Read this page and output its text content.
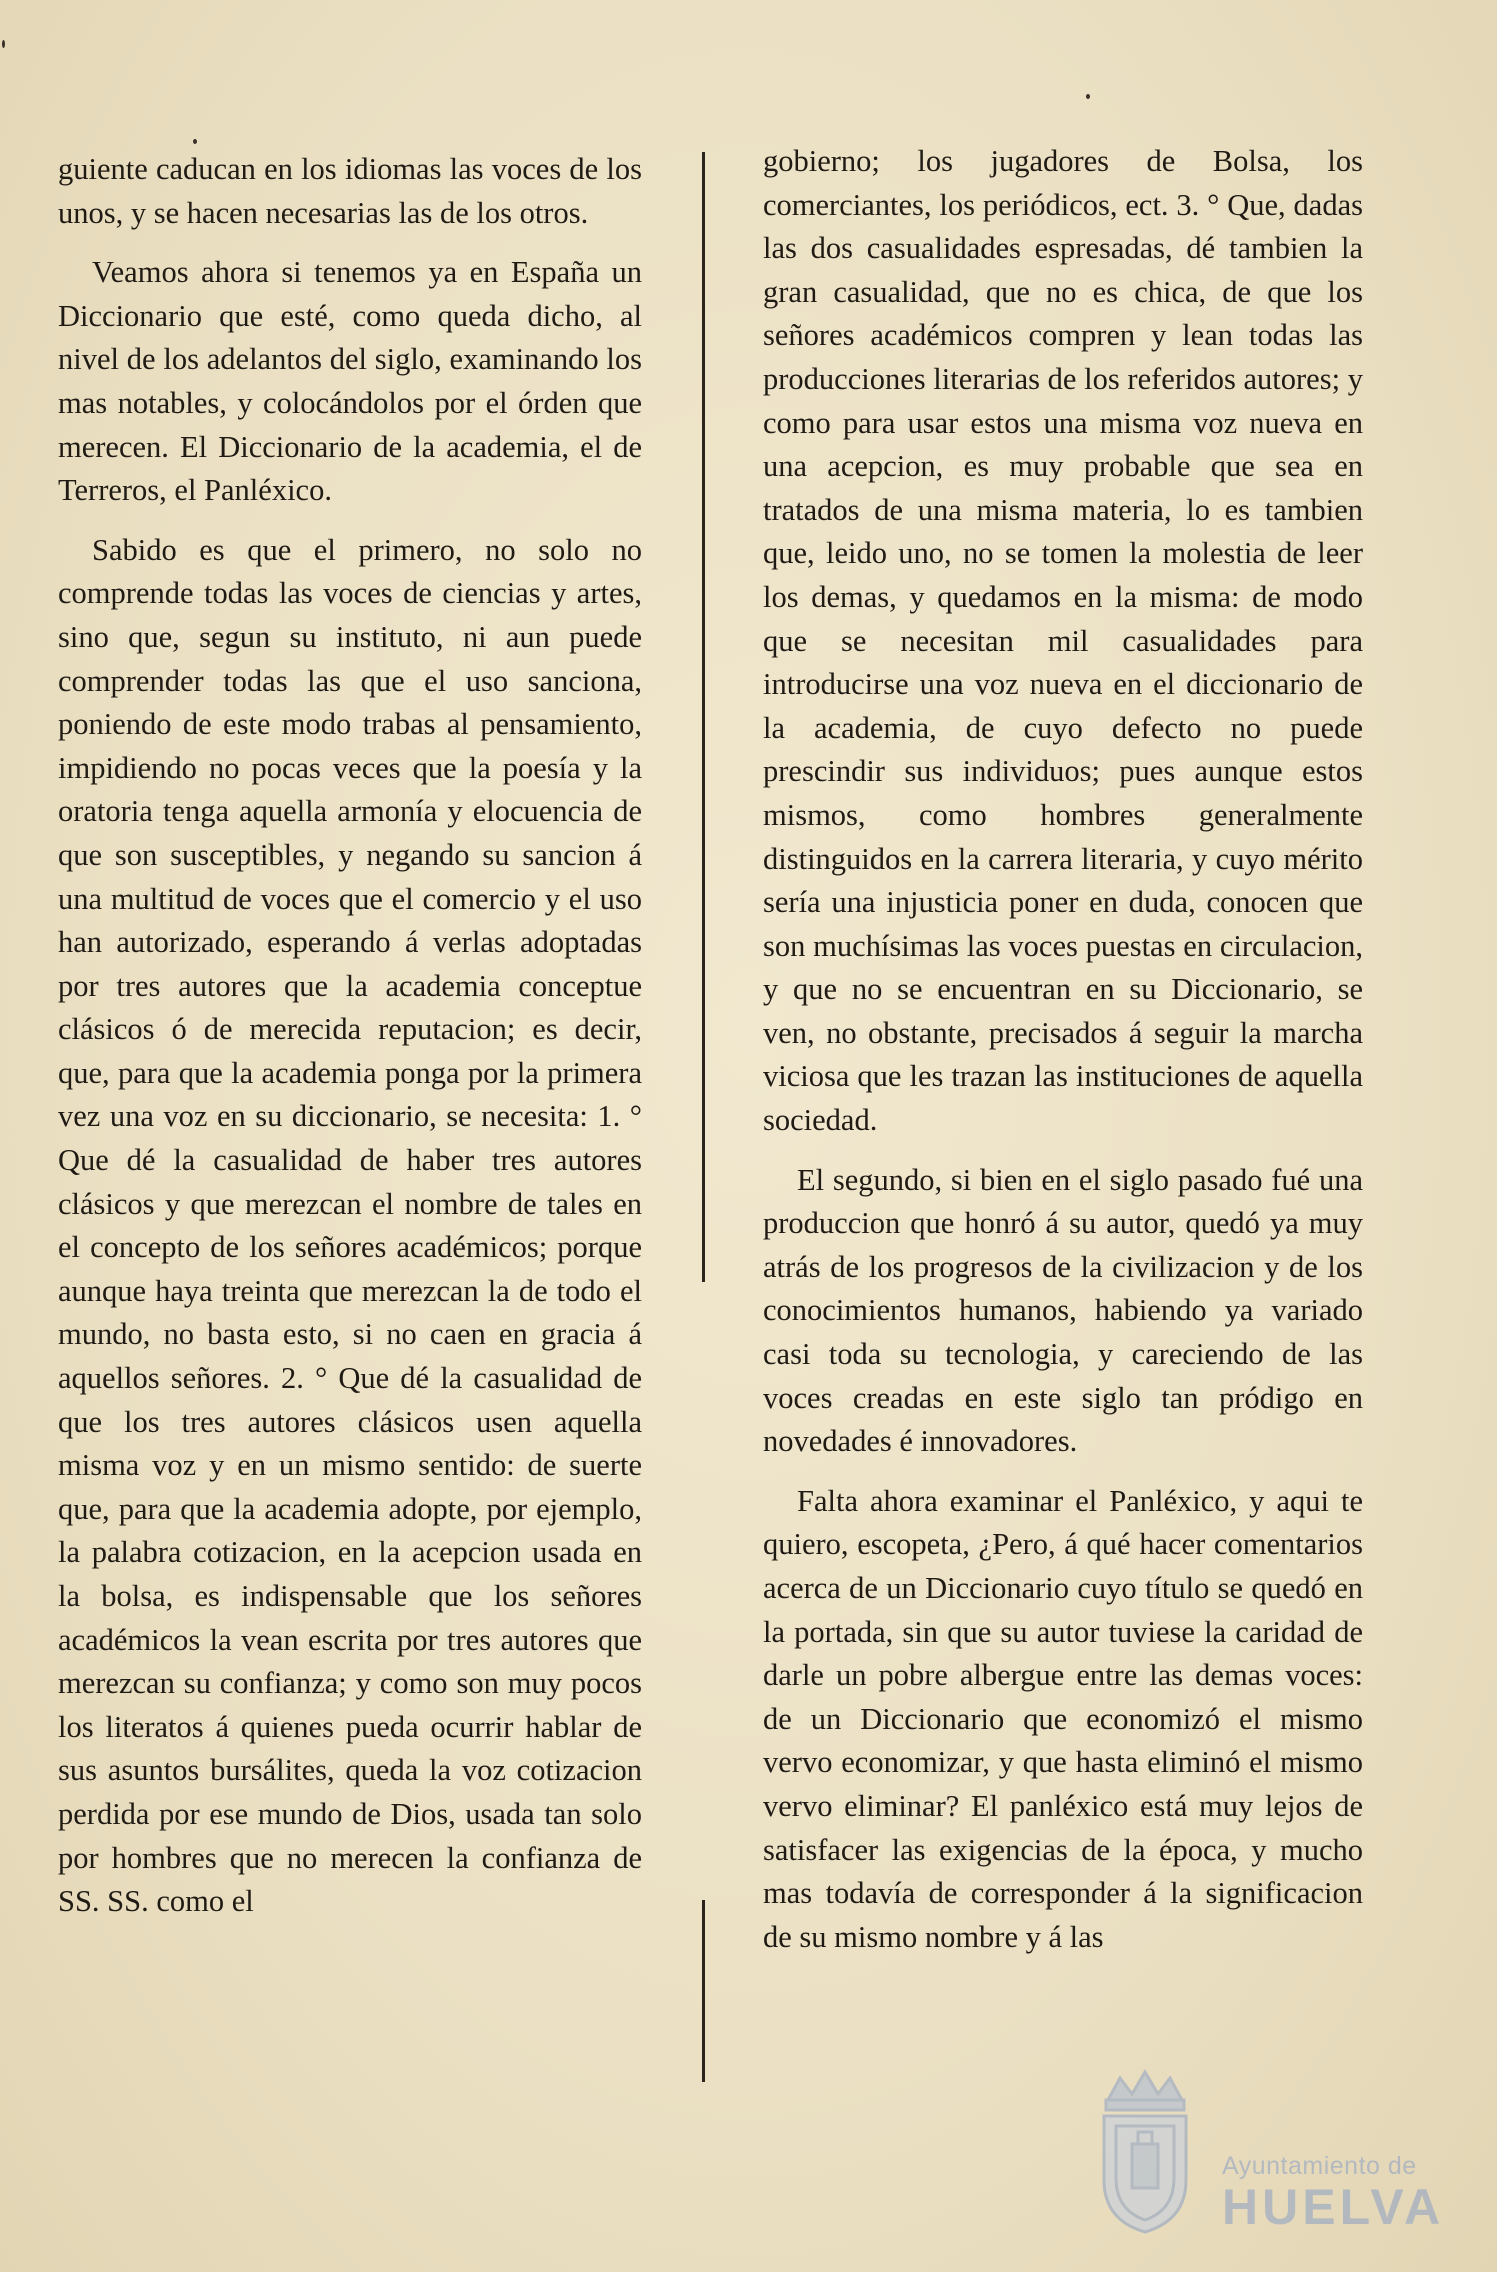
guiente caducan en los idiomas las voces de los unos, y se hacen necesarias las de los otros.

Veamos ahora si tenemos ya en España un Diccionario que esté, como queda dicho, al nivel de los adelantos del siglo, examinando los mas notables, y colocándolos por el órden que merecen. El Diccionario de la academia, el de Terreros, el Panléxico.

Sabido es que el primero, no solo no comprende todas las voces de ciencias y artes, sino que, segun su instituto, ni aun puede comprender todas las que el uso sanciona, poniendo de este modo trabas al pensamiento, impidiendo no pocas veces que la poesía y la oratoria tenga aquella armonía y elocuencia de que son susceptibles, y negando su sancion á una multitud de voces que el comercio y el uso han autorizado, esperando á verlas adoptadas por tres autores que la academia conceptue clásicos ó de merecida reputacion; es decir, que, para que la academia ponga por la primera vez una voz en su diccionario, se necesita: 1. ° Que dé la casualidad de haber tres autores clásicos y que merezcan el nombre de tales en el concepto de los señores académicos; porque aunque haya treinta que merezcan la de todo el mundo, no basta esto, si no caen en gracia á aquellos señores. 2. ° Que dé la casualidad de que los tres autores clásicos usen aquella misma voz y en un mismo sentido: de suerte que, para que la academia adopte, por ejemplo, la palabra cotizacion, en la acepcion usada en la bolsa, es indispensable que los señores académicos la vean escrita por tres autores que merezcan su confianza; y como son muy pocos los literatos á quienes pueda ocurrir hablar de sus asuntos bursálites, queda la voz cotizacion perdida por ese mundo de Dios, usada tan solo por hombres que no merecen la confianza de SS. SS. como el

gobierno; los jugadores de Bolsa, los comerciantes, los periódicos, ect. 3. ° Que, dadas las dos casualidades espresadas, dé tambien la gran casualidad, que no es chica, de que los señores académicos compren y lean todas las producciones literarias de los referidos autores; y como para usar estos una misma voz nueva en una acepcion, es muy probable que sea en tratados de una misma materia, lo es tambien que, leido uno, no se tomen la molestia de leer los demas, y quedamos en la misma: de modo que se necesitan mil casualidades para introducirse una voz nueva en el diccionario de la academia, de cuyo defecto no puede prescindir sus individuos; pues aunque estos mismos, como hombres generalmente distinguidos en la carrera literaria, y cuyo mérito sería una injusticia poner en duda, conocen que son muchísimas las voces puestas en circulacion, y que no se encuentran en su Diccionario, se ven, no obstante, precisados á seguir la marcha viciosa que les trazan las instituciones de aquella sociedad.

El segundo, si bien en el siglo pasado fué una produccion que honró á su autor, quedó ya muy atrás de los progresos de la civilizacion y de los conocimientos humanos, habiendo ya variado casi toda su tecnologia, y careciendo de las voces creadas en este siglo tan pródigo en novedades é innovadores.

Falta ahora examinar el Panléxico, y aqui te quiero, escopeta, ¿Pero, á qué hacer comentarios acerca de un Diccionario cuyo título se quedó en la portada, sin que su autor tuviese la caridad de darle un pobre albergue entre las demas voces: de un Diccionario que economizó el mismo vervo economizar, y que hasta eliminó el mismo vervo eliminar? El panléxico está muy lejos de satisfacer las exigencias de la época, y mucho mas todavía de corresponder á la significacion de su mismo nombre y á las

Ayuntamiento de
HUELVA
